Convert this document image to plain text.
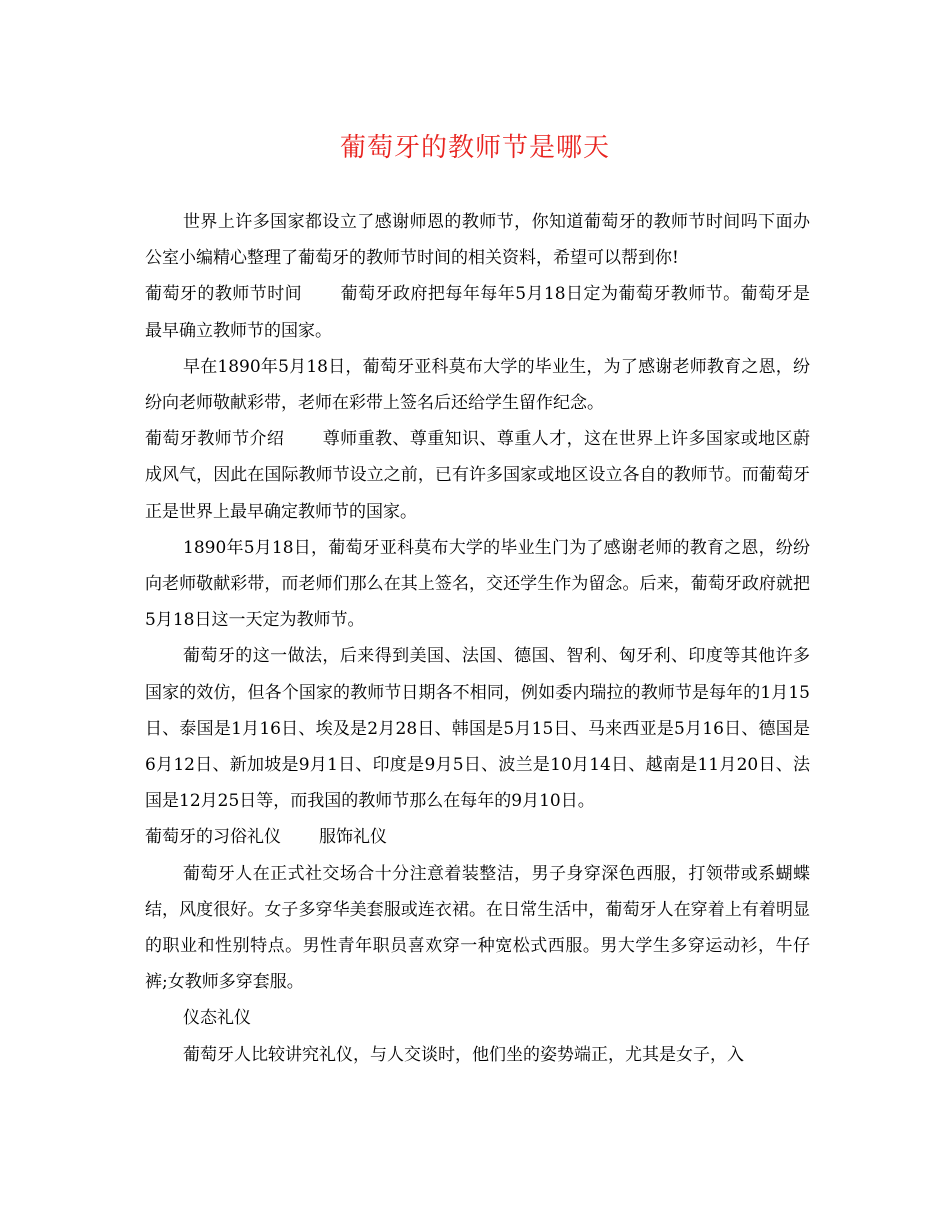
葡萄牙的教师节是哪天

世界上许多国家都设立了感谢师恩的教师节，你知道葡萄牙的教师节时间吗下面办公室小编精心整理了葡萄牙的教师节时间的相关资料，希望可以帮到你!

葡萄牙的教师节时间 葡萄牙政府把每年每年5月18日定为葡萄牙教师节。葡萄牙是最早确立教师节的国家。

早在1890年5月18日，葡萄牙亚科莫布大学的毕业生，为了感谢老师教育之恩，纷纷向老师敬献彩带，老师在彩带上签名后还给学生留作纪念。

葡萄牙教师节介绍 尊师重教、尊重知识、尊重人才，这在世界上许多国家或地区蔚成风气，因此在国际教师节设立之前，已有许多国家或地区设立各自的教师节。而葡萄牙正是世界上最早确定教师节的国家。

1890年5月18日，葡萄牙亚科莫布大学的毕业生门为了感谢老师的教育之恩，纷纷向老师敬献彩带，而老师们那么在其上签名，交还学生作为留念。后来，葡萄牙政府就把5月18日这一天定为教师节。

葡萄牙的这一做法，后来得到美国、法国、德国、智利、匈牙利、印度等其他许多国家的效仿，但各个国家的教师节日期各不相同，例如委内瑞拉的教师节是每年的1月15日、泰国是1月16日、埃及是2月28日、韩国是5月15日、马来西亚是5月16日、德国是6月12日、新加坡是9月1日、印度是9月5日、波兰是10月14日、越南是11月20日、法国是12月25日等，而我国的教师节那么在每年的9月10日。

葡萄牙的习俗礼仪 服饰礼仪

葡萄牙人在正式社交场合十分注意着装整洁，男子身穿深色西服，打领带或系蝴蝶结，风度很好。女子多穿华美套服或连衣裙。在日常生活中，葡萄牙人在穿着上有着明显的职业和性别特点。男性青年职员喜欢穿一种宽松式西服。男大学生多穿运动衫，牛仔裤;女教师多穿套服。

仪态礼仪

葡萄牙人比较讲究礼仪，与人交谈时，他们坐的姿势端正，尤其是女子，入
